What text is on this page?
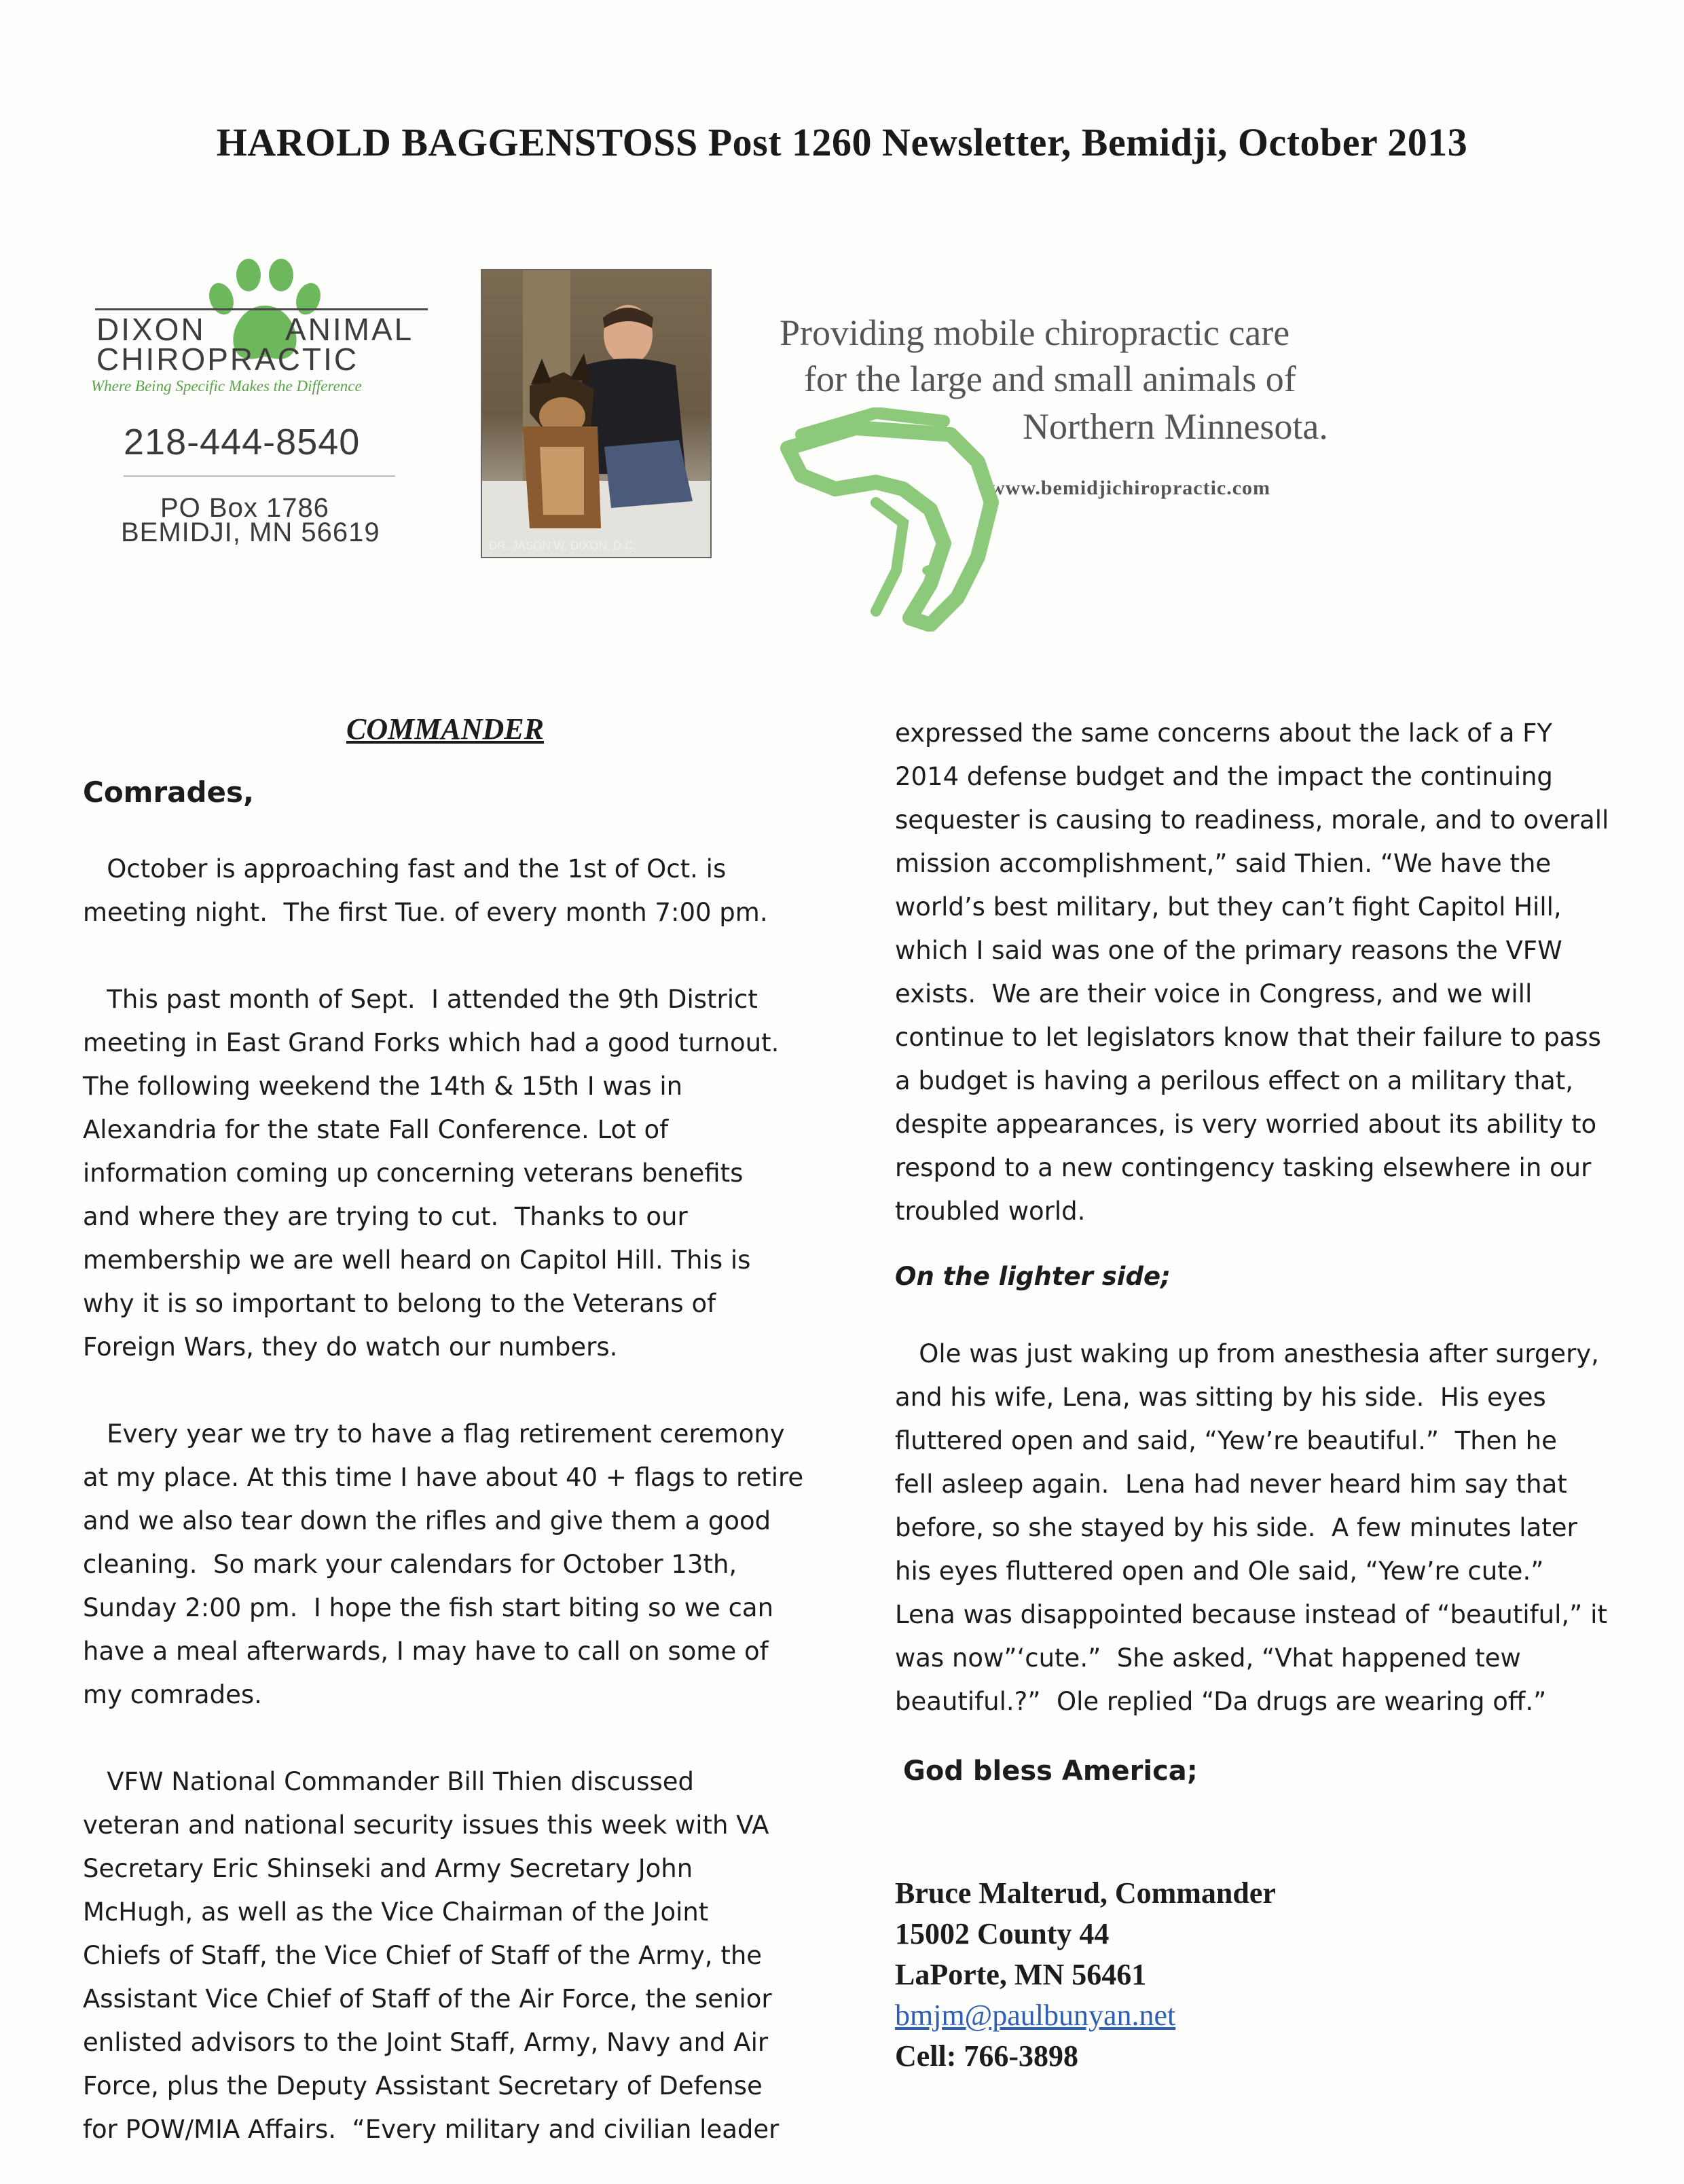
HAROLD BAGGENSTOSS Post 1260 Newsletter, Bemidji, October 2013
DIXON	ANIMAL
CHIROPRACTIC
Where Being Specific Makes the Difference
218-444-8540
PO Box 1786
BEMIDJI, MN 56619	DR. JASON W. DIXON, D.C.
Providing mobile chiropractic care
for the large and small animals of
Northern Minnesota.
www.bemidjichiropractic.com
COMMANDER
Comrades,
October is approaching fast and the 1st of Oct. is
meeting night.  The first Tue. of every month 7:00 pm.
This past month of Sept.  I attended the 9th District
meeting in East Grand Forks which had a good turnout.
The following weekend the 14th & 15th I was in
Alexandria for the state Fall Conference. Lot of
information coming up concerning veterans benefits
and where they are trying to cut.  Thanks to our
membership we are well heard on Capitol Hill. This is
why it is so important to belong to the Veterans of
Foreign Wars, they do watch our numbers.
Every year we try to have a flag retirement ceremony
at my place. At this time I have about 40 + flags to retire
and we also tear down the rifles and give them a good
cleaning.  So mark your calendars for October 13th,
Sunday 2:00 pm.  I hope the fish start biting so we can
have a meal afterwards, I may have to call on some of
my comrades.
VFW National Commander Bill Thien discussed
veteran and national security issues this week with VA
Secretary Eric Shinseki and Army Secretary John
McHugh, as well as the Vice Chairman of the Joint
Chiefs of Staff, the Vice Chief of Staff of the Army, the
Assistant Vice Chief of Staff of the Air Force, the senior
enlisted advisors to the Joint Staff, Army, Navy and Air
Force, plus the Deputy Assistant Secretary of Defense
for POW/MIA Affairs.  “Every military and civilian leader
expressed the same concerns about the lack of a FY
2014 defense budget and the impact the continuing
sequester is causing to readiness, morale, and to overall
mission accomplishment,” said Thien. “We have the
world’s best military, but they can’t fight Capitol Hill,
which I said was one of the primary reasons the VFW
exists.  We are their voice in Congress, and we will
continue to let legislators know that their failure to pass
a budget is having a perilous effect on a military that,
despite appearances, is very worried about its ability to
respond to a new contingency tasking elsewhere in our
troubled world.
On the lighter side;
Ole was just waking up from anesthesia after surgery,
and his wife, Lena, was sitting by his side.  His eyes
fluttered open and said, “Yew’re beautiful.”  Then he
fell asleep again.  Lena had never heard him say that
before, so she stayed by his side.  A few minutes later
his eyes fluttered open and Ole said, “Yew’re cute.”
Lena was disappointed because instead of “beautiful,” it
was now”‘cute.”  She asked, “Vhat happened tew
beautiful.?”  Ole replied “Da drugs are wearing off.”
God bless America;
Bruce Malterud, Commander
15002 County 44
LaPorte, MN 56461
bmjm@paulbunyan.net
Cell: 766-3898
